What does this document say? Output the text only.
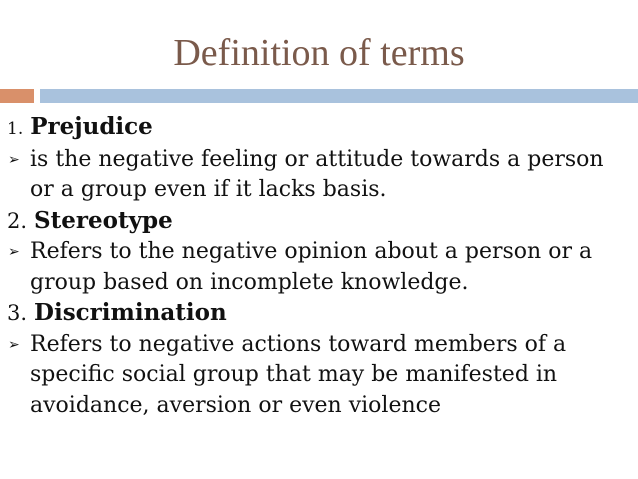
Definition of terms
1. Prejudice
➢ is the negative feeling or attitude towards a person or a group even if it lacks basis.
2. Stereotype
➢ Refers to the negative opinion about a person or a group based on incomplete knowledge.
3. Discrimination
➢ Refers to negative actions toward members of a specific social group that may be manifested in avoidance, aversion or even violence
